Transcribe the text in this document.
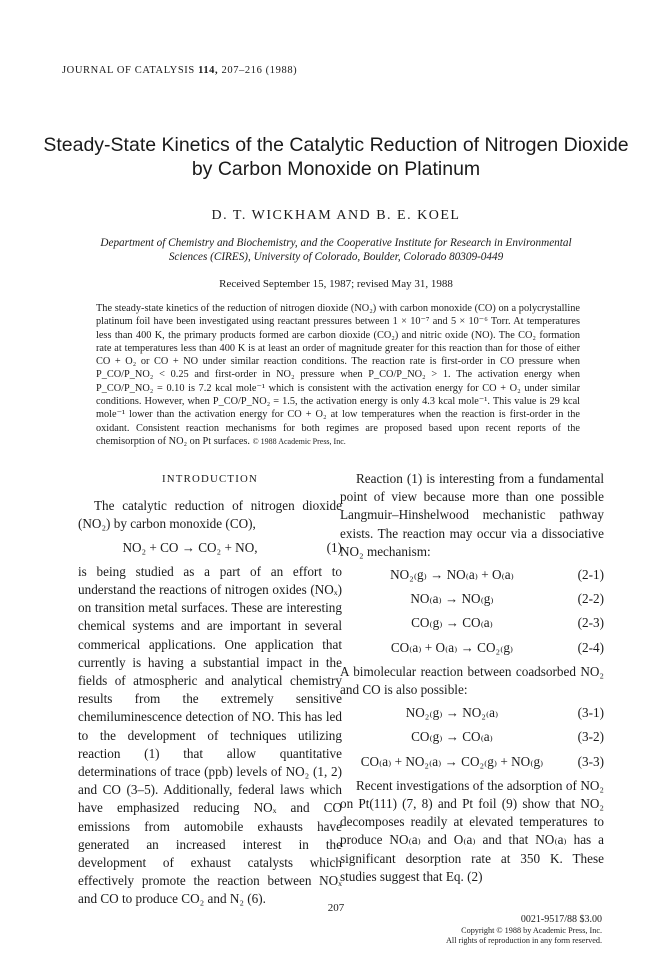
JOURNAL OF CATALYSIS 114, 207–216 (1988)
Steady-State Kinetics of the Catalytic Reduction of Nitrogen Dioxide
by Carbon Monoxide on Platinum
D. T. WICKHAM AND B. E. KOEL
Department of Chemistry and Biochemistry, and the Cooperative Institute for Research in Environmental
Sciences (CIRES), University of Colorado, Boulder, Colorado 80309-0449
Received September 15, 1987; revised May 31, 1988
The steady-state kinetics of the reduction of nitrogen dioxide (NO₂) with carbon monoxide (CO) on a polycrystalline platinum foil have been investigated using reactant pressures between 1 × 10⁻⁷ and 5 × 10⁻⁶ Torr. At temperatures less than 400 K, the primary products formed are carbon dioxide (CO₂) and nitric oxide (NO). The CO₂ formation rate at temperatures less than 400 K is at least an order of magnitude greater for this reaction than for those of either CO + O₂ or CO + NO under similar reaction conditions. The reaction rate is first-order in CO pressure when P_CO/P_NO₂ < 0.25 and first-order in NO₂ pressure when P_CO/P_NO₂ > 1. The activation energy when P_CO/P_NO₂ = 0.10 is 7.2 kcal mole⁻¹ which is consistent with the activation energy for CO + O₂ under similar conditions. However, when P_CO/P_NO₂ = 1.5, the activation energy is only 4.3 kcal mole⁻¹. This value is 29 kcal mole⁻¹ lower than the activation energy for CO + O₂ at low temperatures when the reaction is first-order in the oxidant. Consistent reaction mechanisms for both regimes are proposed based upon recent reports of the chemisorption of NO₂ on Pt surfaces. © 1988 Academic Press, Inc.
INTRODUCTION

The catalytic reduction of nitrogen dioxide (NO₂) by carbon monoxide (CO),

NO₂ + CO → CO₂ + NO,	(1)

is being studied as a part of an effort to understand the reactions of nitrogen oxides (NOₓ) on transition metal surfaces. These are interesting chemical systems and are important in several commerical applications. One application that currently is having a substantial impact in the fields of atmospheric and analytical chemistry results from the extremely sensitive chemiluminescence detection of NO. This has led to the development of techniques utilizing reaction (1) that allow quantitative determinations of trace (ppb) levels of NO₂ (1, 2) and CO (3–5). Additionally, federal laws which have emphasized reducing NOₓ and CO emissions from automobile exhausts have generated an increased interest in the development of exhaust catalysts which effectively promote the reaction between NOₓ and CO to produce CO₂ and N₂ (6).

Reaction (1) is interesting from a fundamental point of view because more than one possible Langmuir–Hinshelwood mechanistic pathway exists. The reaction may occur via a dissociative NO₂ mechanism:

NO₂₍g₎ → NO₍a₎ + O₍a₎	(2-1)
NO₍a₎ → NO₍g₎	(2-2)
CO₍g₎ → CO₍a₎	(2-3)
CO₍a₎ + O₍a₎ → CO₂₍g₎	(2-4)

A bimolecular reaction between coadsorbed NO₂ and CO is also possible:

NO₂₍g₎ → NO₂₍a₎	(3-1)
CO₍g₎ → CO₍a₎	(3-2)
CO₍a₎ + NO₂₍a₎ → CO₂₍g₎ + NO₍g₎	(3-3)

Recent investigations of the adsorption of NO₂ on Pt(111) (7, 8) and Pt foil (9) show that NO₂ decomposes readily at elevated temperatures to produce NO₍a₎ and O₍a₎ and that NO₍a₎ has a significant desorption rate at 350 K. These studies suggest that Eq. (2)

207
0021-9517/88 $3.00
Copyright © 1988 by Academic Press, Inc.
All rights of reproduction in any form reserved.
